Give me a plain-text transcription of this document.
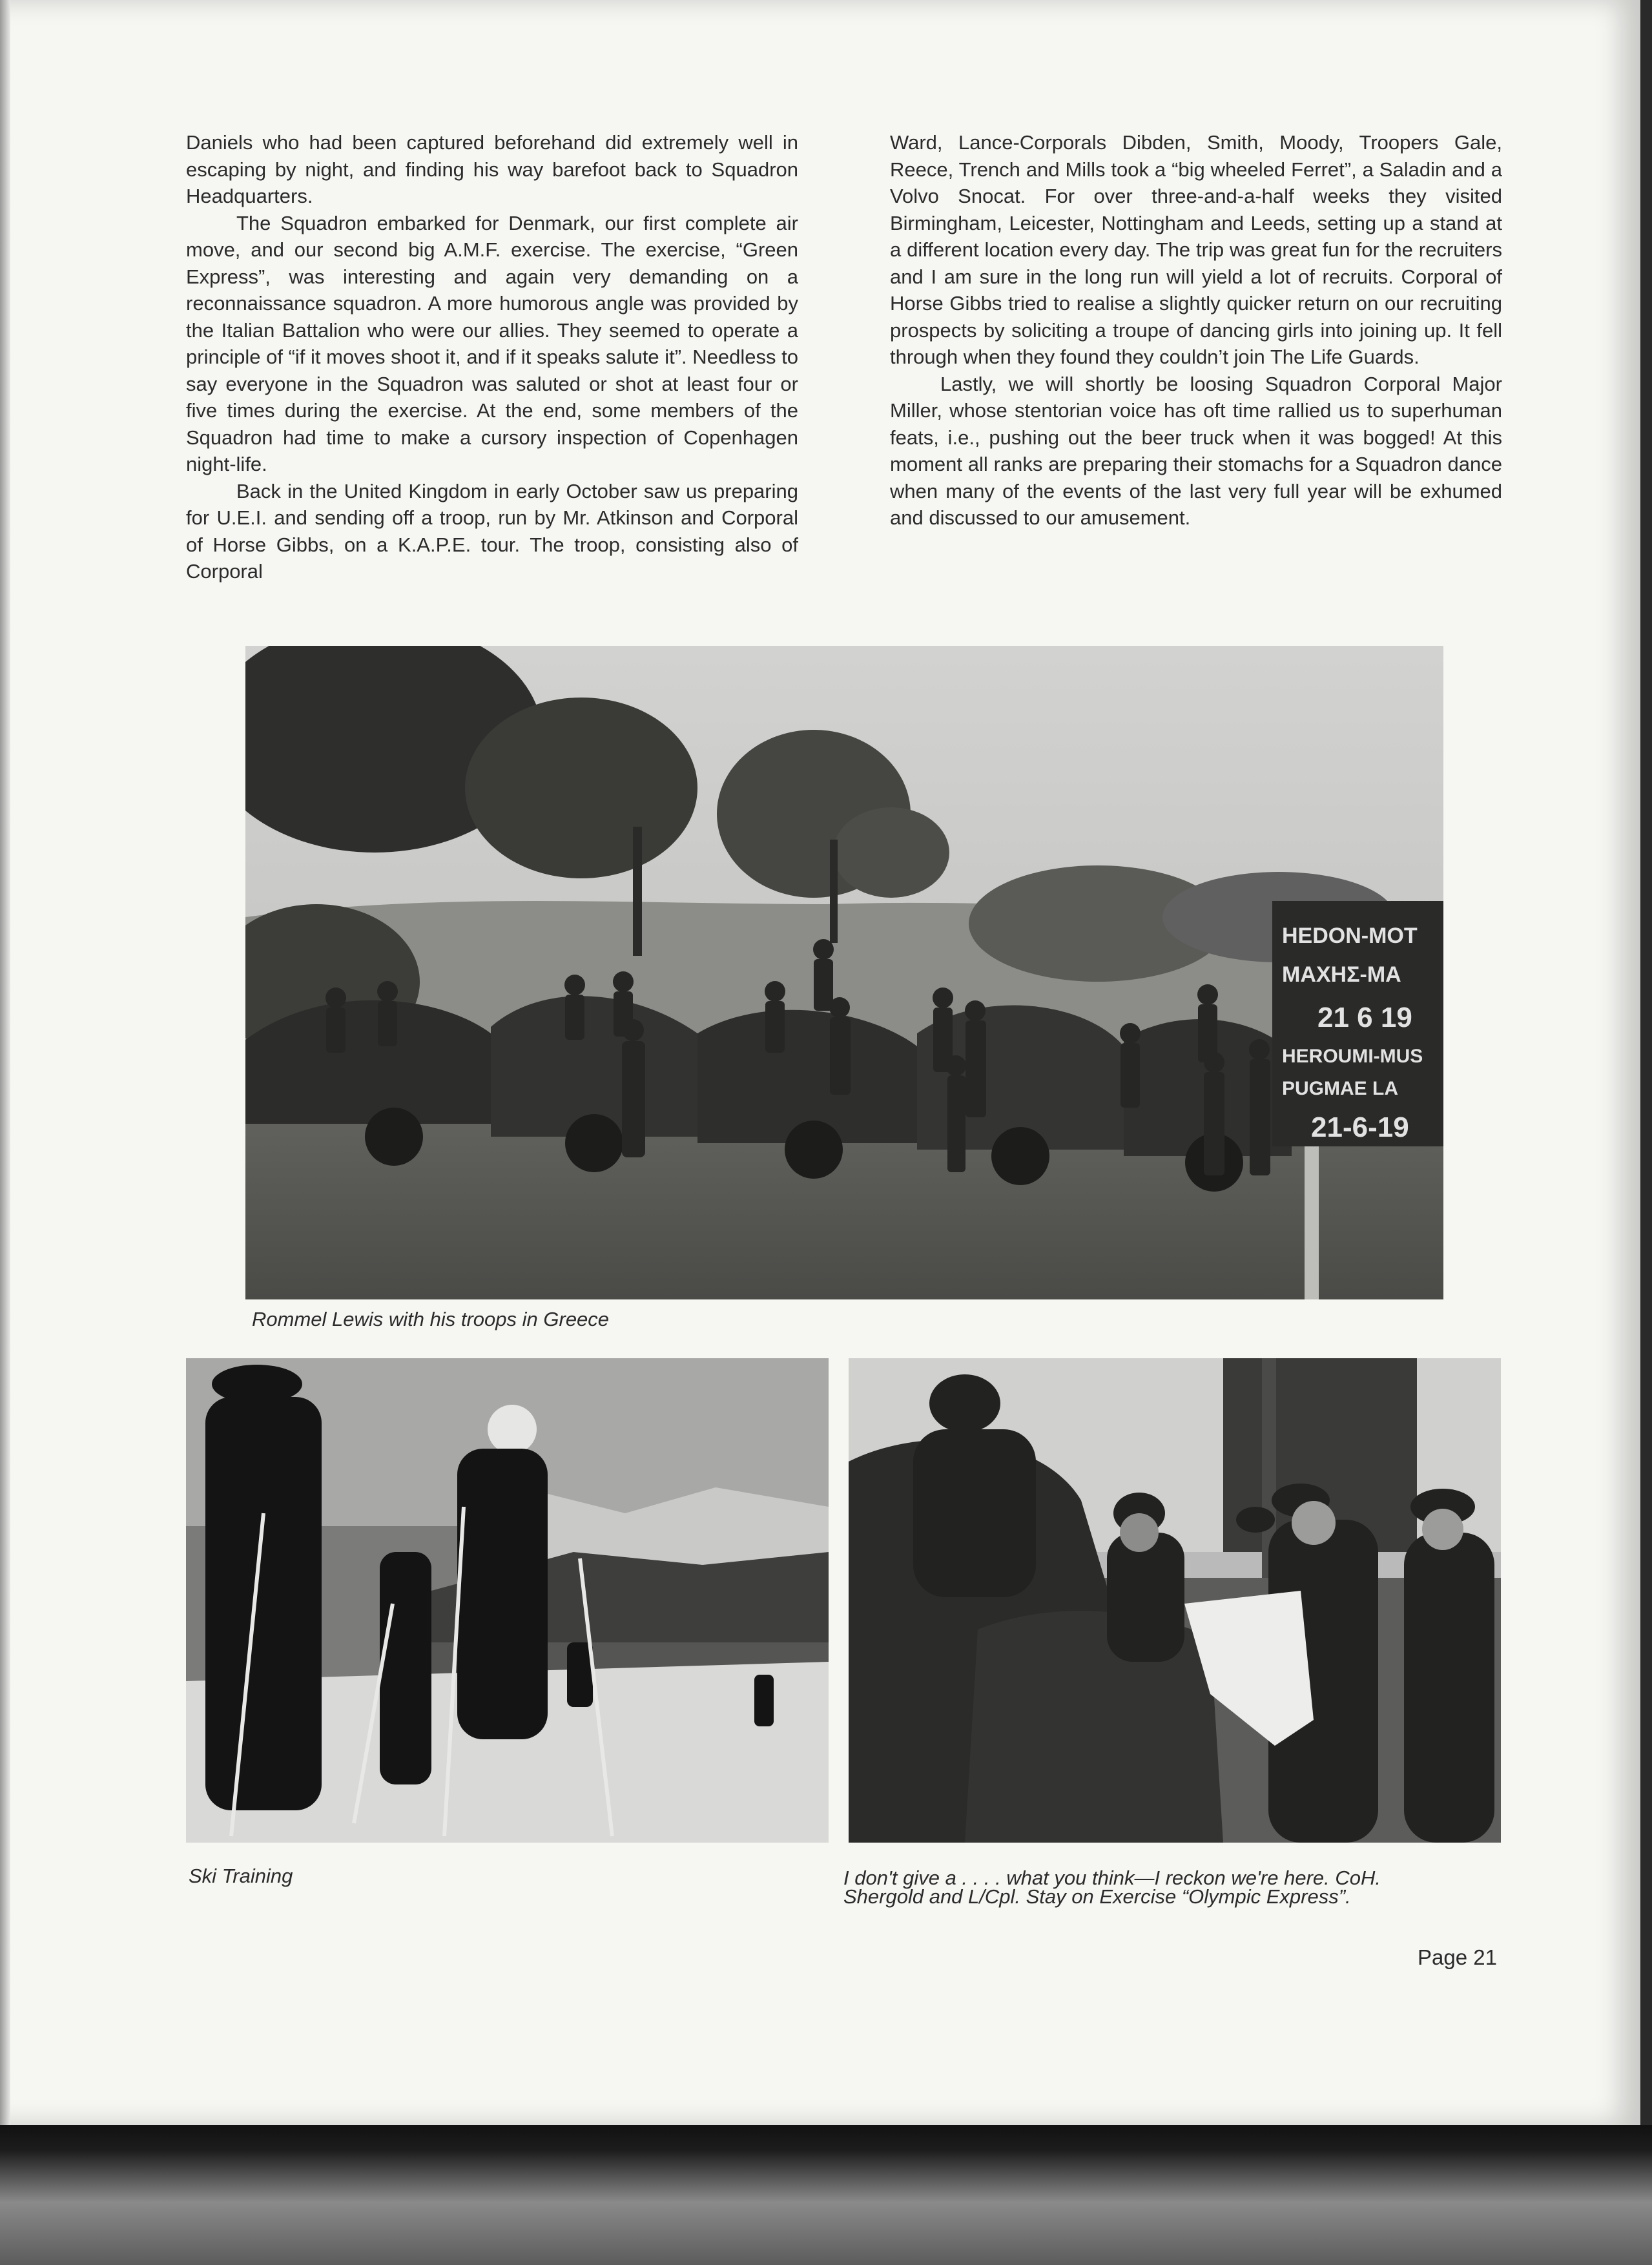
Daniels who had been captured beforehand did extremely well in escaping by night, and finding his way barefoot back to Squadron Headquarters.

The Squadron embarked for Denmark, our first complete air move, and our second big A.M.F. exercise. The exercise, “Green Express”, was interesting and again very demanding on a reconnaissance squadron. A more humorous angle was provided by the Italian Battalion who were our allies. They seemed to operate a principle of “if it moves shoot it, and if it speaks salute it”. Needless to say everyone in the Squadron was saluted or shot at least four or five times during the exercise. At the end, some members of the Squadron had time to make a cursory inspection of Copenhagen night-life.

Back in the United Kingdom in early October saw us preparing for U.E.I. and sending off a troop, run by Mr. Atkinson and Corporal of Horse Gibbs, on a K.A.P.E. tour. The troop, consisting also of Corporal

Ward, Lance-Corporals Dibden, Smith, Moody, Troopers Gale, Reece, Trench and Mills took a “big wheeled Ferret”, a Saladin and a Volvo Snocat. For over three-and-a-half weeks they visited Birmingham, Leicester, Nottingham and Leeds, setting up a stand at a different location every day. The trip was great fun for the recruiters and I am sure in the long run will yield a lot of recruits. Corporal of Horse Gibbs tried to realise a slightly quicker return on our recruiting prospects by soliciting a troupe of dancing girls into joining up. It fell through when they found they couldn’t join The Life Guards.

Lastly, we will shortly be loosing Squadron Corporal Major Miller, whose stentorian voice has oft time rallied us to superhuman feats, i.e., pushing out the beer truck when it was bogged! At this moment all ranks are preparing their stomachs for a Squadron dance when many of the events of the last very full year will be exhumed and discussed to our amusement.

HEDON-MOT
MAXHΣ-MA
21 6 19
HEROUMI-MUS
PUGMAE LA
21-6-19

Rommel Lewis with his troops in Greece

Ski Training	I don't give a . . . . what you think—I reckon we're here. CoH. Shergold and L/Cpl. Stay on Exercise “Olympic Express”.

Page 21
